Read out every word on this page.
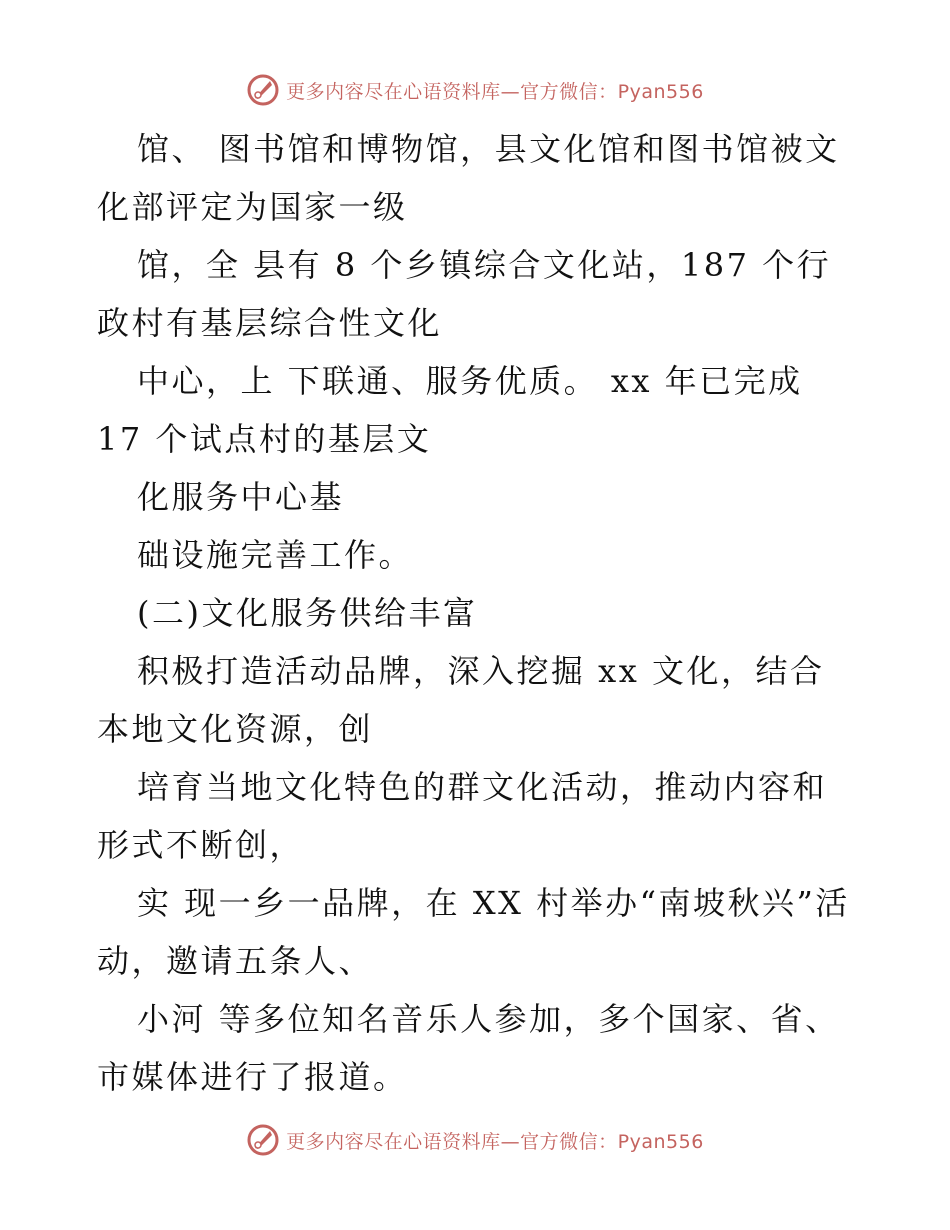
更多内容尽在心语资料库—官方微信：Pyan556

馆、 图书馆和博物馆，县文化馆和图书馆被文化部评定为国家一级

馆，全 县有 8 个乡镇综合文化站，187 个行政村有基层综合性文化

中心，上 下联通、服务优质。 xx 年已完成 17 个试点村的基层文

化服务中心基

础设施完善工作。

(二)文化服务供给丰富

积极打造活动品牌，深入挖掘 xx 文化，结合本地文化资源，创

培育当地文化特色的群文化活动，推动内容和形式不断创，

实 现一乡一品牌，在 XX 村举办“南坡秋兴”活动，邀请五条人、

小河 等多位知名音乐人参加，多个国家、省、市媒体进行了报道。

更多内容尽在心语资料库—官方微信：Pyan556
